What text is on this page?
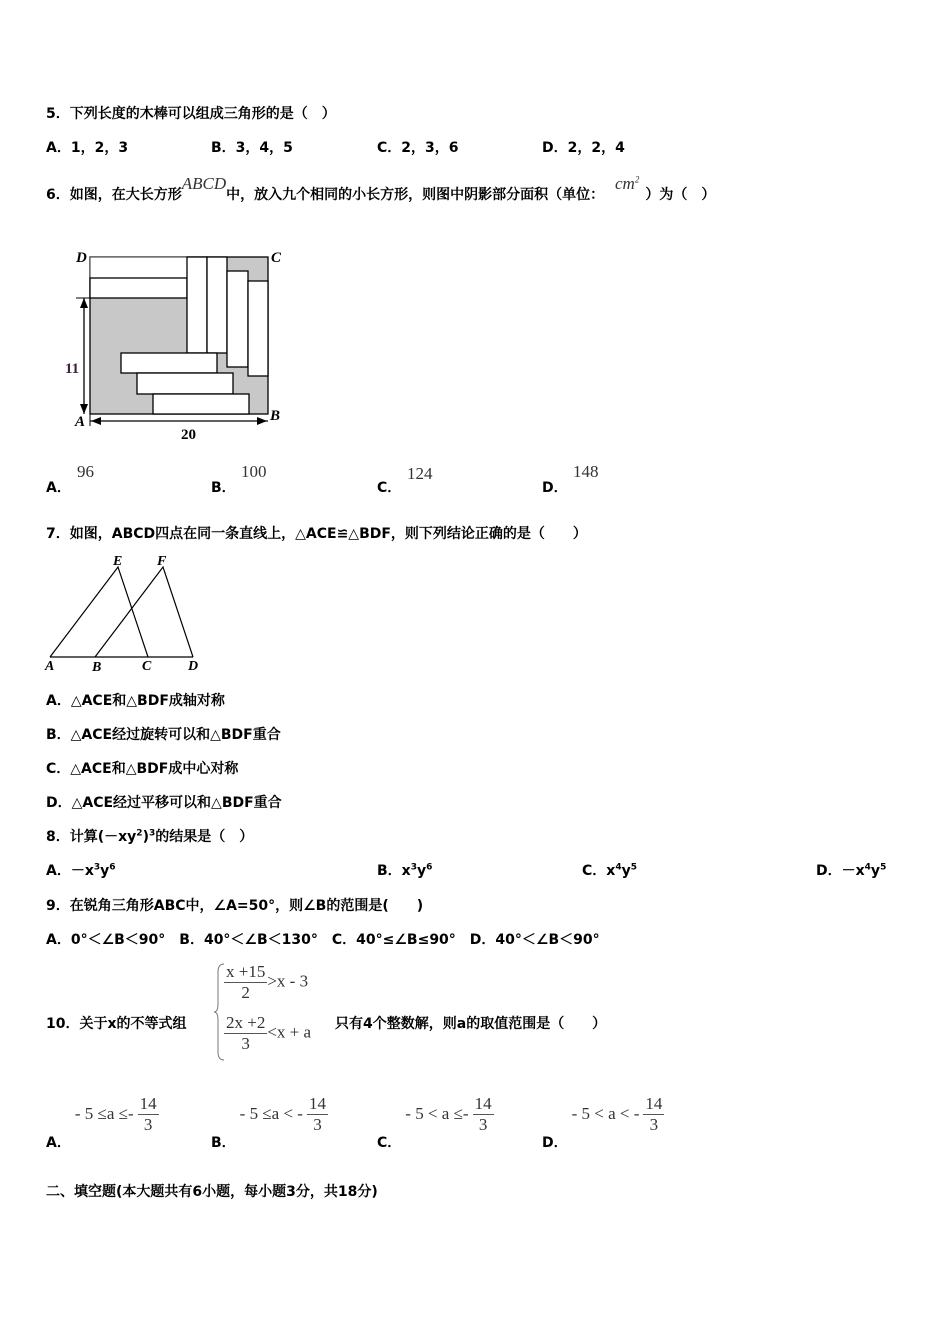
5．下列长度的木棒可以组成三角形的是（　）
A．1，2，3	B．3，4，5	C．2，3，6	D．2，2，4
6．如图，在大长方形ABCD中，放入九个相同的小长方形，则图中阴影部分面积（单位： $cm^2$）为（　）
D	C
A	B
11
20
A．
96
B．
100
C．
124
D．
148
7．如图，ABCD四点在同一条直线上，△ACE≌△BDF，则下列结论正确的是（　　）
A	B	C	D
E F
A．△ACE和△BDF成轴对称
B．△ACE经过旋转可以和△BDF重合
C．△ACE和△BDF成中心对称
D．△ACE经过平移可以和△BDF重合
8．计算$(-xy^2)^3$的结果是（　）
A．$-x^3y^6$	B．$x^3y^6$	C．$x^4y^5$	D．$-x^4y^5$
9．在锐角三角形ABC中，∠A=50°，则∠B的范围是(　　)
A．0°＜∠B＜90°　B．40°＜∠B＜130°　C．40°≤∠B≤90°　D．40°＜∠B＜90°
10．关于x的不等式组
$\frac{x +15}{2} >x - 3$
$\frac{2x +2}{3} <x + a$ 只有4个整数解，则a的取值范围是（　　）
A．- $5 \le a \le- \frac{14}{3}$
B．- 5 ≤a < - $\frac{14}{3}$
C．- $5 < a \le- \frac{14}{3}$
D．- 5 < a < - $\frac{14}{3}$
二、填空题(本大题共有6小题，每小题3分，共18分)
